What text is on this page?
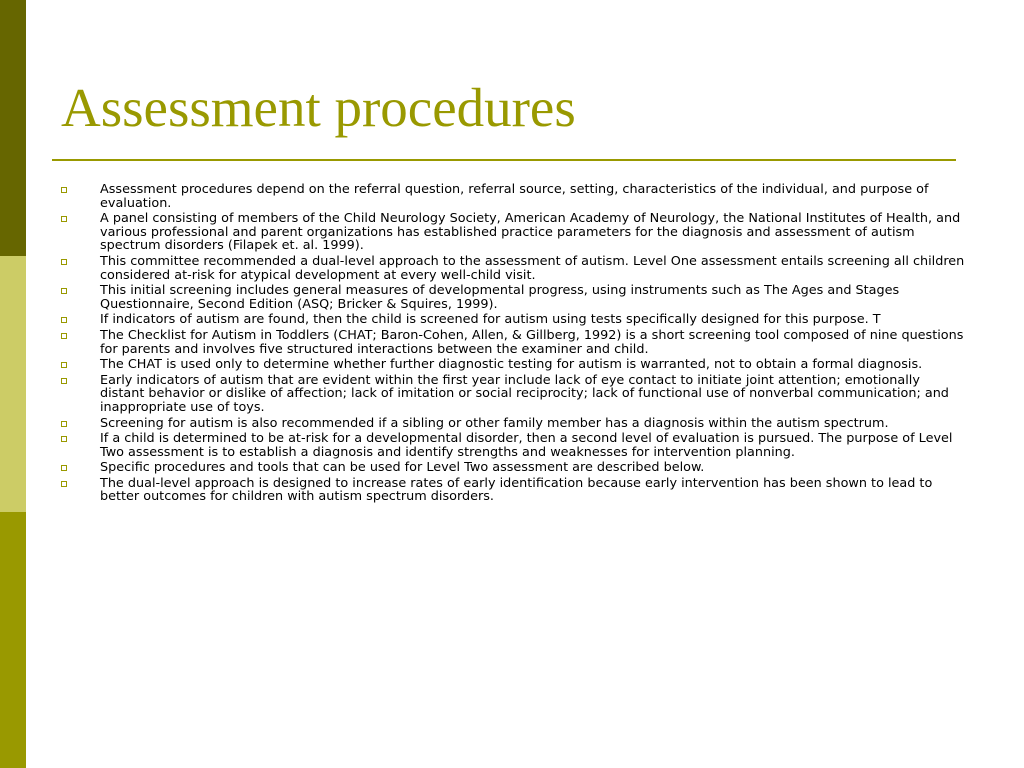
Assessment procedures
Assessment procedures depend on the referral question, referral source, setting, characteristics of the individual, and purpose of evaluation.
A panel consisting of members of the Child Neurology Society, American Academy of Neurology, the National Institutes of Health, and various professional and parent organizations has established practice parameters for the diagnosis and assessment of autism spectrum disorders (Filapek et. al. 1999).
This committee recommended a dual-level approach to the assessment of autism. Level One assessment entails screening all children considered at-risk for atypical development at every well-child visit.
This initial screening includes general measures of developmental progress, using instruments such as The Ages and Stages Questionnaire, Second Edition (ASQ; Bricker & Squires, 1999).
If indicators of autism are found, then the child is screened for autism using tests specifically designed for this purpose. T
The Checklist for Autism in Toddlers (CHAT; Baron-Cohen, Allen, & Gillberg, 1992) is a short screening tool composed of nine questions for parents and involves five structured interactions between the examiner and child.
The CHAT is used only to determine whether further diagnostic testing for autism is warranted, not to obtain a formal diagnosis.
Early indicators of autism that are evident within the first year include lack of eye contact to initiate joint attention; emotionally distant behavior or dislike of affection; lack of imitation or social reciprocity; lack of functional use of nonverbal communication; and inappropriate use of toys.
Screening for autism is also recommended if a sibling or other family member has a diagnosis within the autism spectrum.
If a child is determined to be at-risk for a developmental disorder, then a second level of evaluation is pursued. The purpose of Level Two assessment is to establish a diagnosis and identify strengths and weaknesses for intervention planning.
Specific procedures and tools that can be used for Level Two assessment are described below.
The dual-level approach is designed to increase rates of early identification because early intervention has been shown to lead to better outcomes for children with autism spectrum disorders.
